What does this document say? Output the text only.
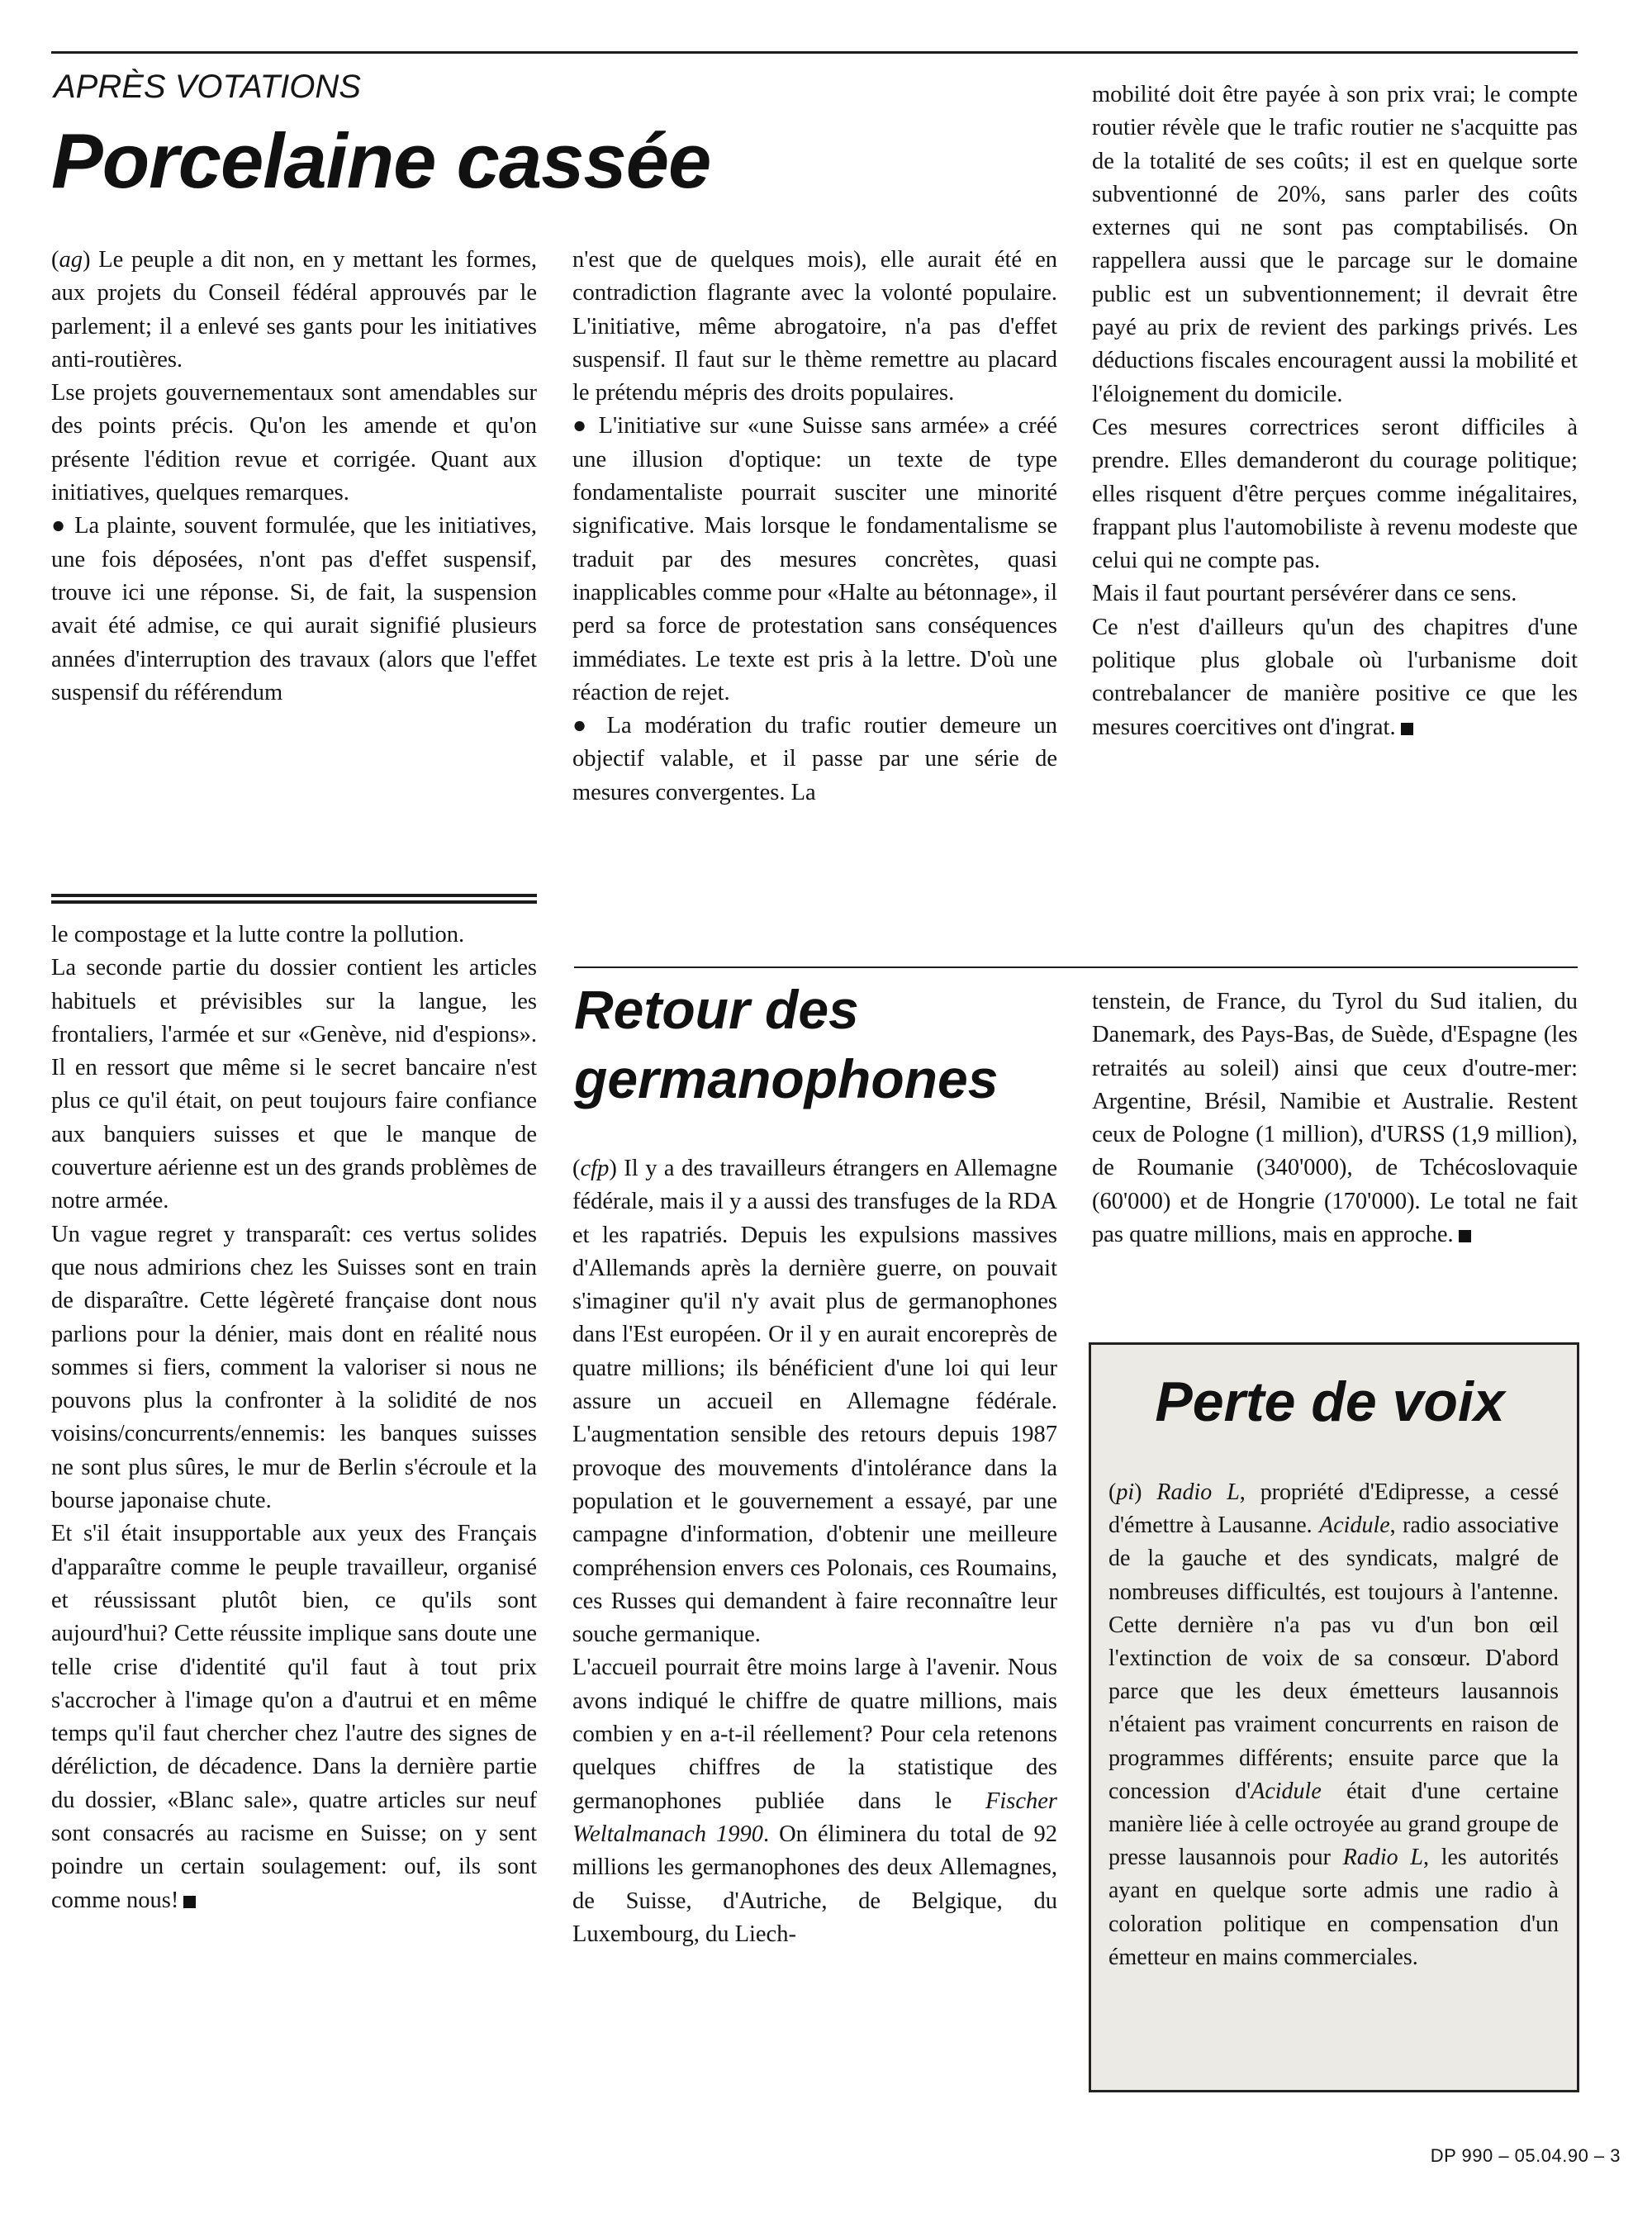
APRÈS VOTATIONS
Porcelaine cassée

(ag) Le peuple a dit non, en y mettant les formes, aux projets du Conseil fédéral approuvés par le parlement; il a enlevé ses gants pour les initiatives anti-routières.

Lse projets gouvernementaux sont amendables sur des points précis. Qu'on les amende et qu'on présente l'édition revue et corrigée. Quant aux initiatives, quelques remarques.

● La plainte, souvent formulée, que les initiatives, une fois déposées, n'ont pas d'effet suspensif, trouve ici une réponse. Si, de fait, la suspension avait été admise, ce qui aurait signifié plusieurs années d'interruption des travaux (alors que l'effet suspensif du référendum

n'est que de quelques mois), elle aurait été en contradiction flagrante avec la volonté populaire. L'initiative, même abrogatoire, n'a pas d'effet suspensif. Il faut sur le thème remettre au placard le prétendu mépris des droits populaires.

● L'initiative sur «une Suisse sans armée» a créé une illusion d'optique: un texte de type fondamentaliste pourrait susciter une minorité significative. Mais lorsque le fondamentalisme se traduit par des mesures concrètes, quasi inapplicables comme pour «Halte au bétonnage», il perd sa force de protestation sans conséquences immédiates. Le texte est pris à la lettre. D'où une réaction de rejet.

● La modération du trafic routier demeure un objectif valable, et il passe par une série de mesures convergentes. La

mobilité doit être payée à son prix vrai; le compte routier révèle que le trafic routier ne s'acquitte pas de la totalité de ses coûts; il est en quelque sorte subventionné de 20%, sans parler des coûts externes qui ne sont pas comptabilisés. On rappellera aussi que le parcage sur le domaine public est un subventionnement; il devrait être payé au prix de revient des parkings privés. Les déductions fiscales encouragent aussi la mobilité et l'éloignement du domicile.

Ces mesures correctrices seront difficiles à prendre. Elles demanderont du courage politique; elles risquent d'être perçues comme inégalitaires, frappant plus l'automobiliste à revenu modeste que celui qui ne compte pas.

Mais il faut pourtant persévérer dans ce sens.

Ce n'est d'ailleurs qu'un des chapitres d'une politique plus globale où l'urbanisme doit contrebalancer de manière positive ce que les mesures coercitives ont d'ingrat.

le compostage et la lutte contre la pollution.

La seconde partie du dossier contient les articles habituels et prévisibles sur la langue, les frontaliers, l'armée et sur «Genève, nid d'espions». Il en ressort que même si le secret bancaire n'est plus ce qu'il était, on peut toujours faire confiance aux banquiers suisses et que le manque de couverture aérienne est un des grands problèmes de notre armée.

Un vague regret y transparaît: ces vertus solides que nous admirions chez les Suisses sont en train de disparaître. Cette légèreté française dont nous parlions pour la dénier, mais dont en réalité nous sommes si fiers, comment la valoriser si nous ne pouvons plus la confronter à la solidité de nos voisins/concurrents/ennemis: les banques suisses ne sont plus sûres, le mur de Berlin s'écroule et la bourse japonaise chute.

Et s'il était insupportable aux yeux des Français d'apparaître comme le peuple travailleur, organisé et réussissant plutôt bien, ce qu'ils sont aujourd'hui? Cette réussite implique sans doute une telle crise d'identité qu'il faut à tout prix s'accrocher à l'image qu'on a d'autrui et en même temps qu'il faut chercher chez l'autre des signes de déréliction, de décadence. Dans la dernière partie du dossier, «Blanc sale», quatre articles sur neuf sont consacrés au racisme en Suisse; on y sent poindre un certain soulagement: ouf, ils sont comme nous!

Retour des germanophones

(cfp) Il y a des travailleurs étrangers en Allemagne fédérale, mais il y a aussi des transfuges de la RDA et les rapatriés. Depuis les expulsions massives d'Allemands après la dernière guerre, on pouvait s'imaginer qu'il n'y avait plus de germanophones dans l'Est européen. Or il y en aurait encoreprès de quatre millions; ils bénéficient d'une loi qui leur assure un accueil en Allemagne fédérale. L'augmentation sensible des retours depuis 1987 provoque des mouvements d'intolérance dans la population et le gouvernement a essayé, par une campagne d'information, d'obtenir une meilleure compréhension envers ces Polonais, ces Roumains, ces Russes qui demandent à faire reconnaître leur souche germanique.

L'accueil pourrait être moins large à l'avenir. Nous avons indiqué le chiffre de quatre millions, mais combien y en a-t-il réellement? Pour cela retenons quelques chiffres de la statistique des germanophones publiée dans le Fischer Weltalmanach 1990. On éliminera du total de 92 millions les germanophones des deux Allemagnes, de Suisse, d'Autriche, de Belgique, du Luxembourg, du Liech-

tenstein, de France, du Tyrol du Sud italien, du Danemark, des Pays-Bas, de Suède, d'Espagne (les retraités au soleil) ainsi que ceux d'outre-mer: Argentine, Brésil, Namibie et Australie. Restent ceux de Pologne (1 million), d'URSS (1,9 million), de Roumanie (340'000), de Tchécoslovaquie (60'000) et de Hongrie (170'000). Le total ne fait pas quatre millions, mais en approche.

Perte de voix

(pi) Radio L, propriété d'Edipresse, a cessé d'émettre à Lausanne. Acidule, radio associative de la gauche et des syndicats, malgré de nombreuses difficultés, est toujours à l'antenne. Cette dernière n'a pas vu d'un bon œil l'extinction de voix de sa consœur. D'abord parce que les deux émetteurs lausannois n'étaient pas vraiment concurrents en raison de programmes différents; ensuite parce que la concession d'Acidule était d'une certaine manière liée à celle octroyée au grand groupe de presse lausannois pour Radio L, les autorités ayant en quelque sorte admis une radio à coloration politique en compensation d'un émetteur en mains commerciales.

DP 990 – 05.04.90 – 3
